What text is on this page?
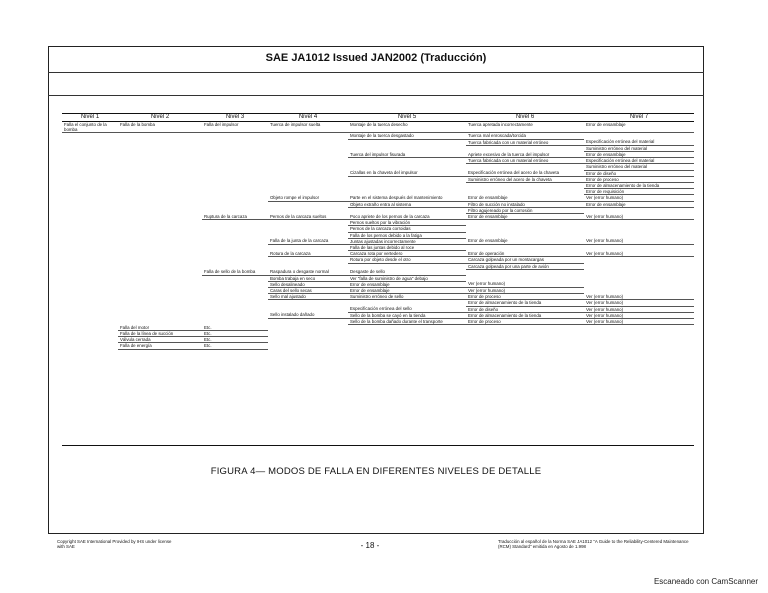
SAE JA1012 Issued JAN2002 (Traducción)
Nivel 1	Nivel 2	Nivel 3	Nivel 4	Nivel 5	Nivel 6	Nivel 7
Falla el conjunto de la bomba	Falla de la bomba	Falla del impulsor	Tuerca de impulsor suelta	Montaje de la tuerca desecho	Tuerca apretada incorrectamente	Error de ensamblaje
				Montaje de la tuerca desgastado	Tuerca mal enroscada/torcida	
					Tuerca fabricada con un material erróneo	Especificación errónea del material
						Suministro erróneo del material
				Tuerca del impulsor fisurada	Apriete excesivo de la tuerca del impulsor	Error de ensamblaje
					Tuerca fabricada con un material erróneo	Especificación errónea del material
						Suministro erróneo del material
				Cizallas en la chaveta del impulsor	Especificación errónea del acero de la chaveta	Error de diseño
					Suministro erróneo del acero de la chaveta	Error de proceso
						Error de almacenamiento de la tienda
						Error de requisición
			Objeto rompe el impulsor	Parte en el sistema después del mantenimiento	Error de ensamblaje	Ver (error humano)
				Objeto extraño entra al sistema	Filtro de succión no instalado	Error de ensamblaje
					Filtro agujereado por la corrosión	
		Ruptura de la carcaza	Pernos de la carcaza sueltos	Poco apriete de los pernos de la carcaza	Error de ensamblaje	Ver (error humano)
				Pernos sueltos por la vibración		
				Pernos de la carcaza corroidas		
				Falla de los pernos debido a la fatiga		
			Falla de la junta de la carcaza	Juntas ajustadas incorrectamente	Error de ensamblaje	Ver (error humano)
				Falla de las juntas debido al roce		
			Rotura de la carcaza	Carcaza rota por vertedero	Error de operación	Ver (error humano)
				Rotura por objeto desde el otro	Carcaza golpeada por un montacargas	
					Carcaza golpeada por una parte de avión	
		Falla de sello de la bomba	Raspadura o desgaste normal	Desgaste de sello		
			Bomba trabaja en seco	Ver "falla de suministro de agua" debajo		
			Sello desalineado	Error de ensamblaje	Ver (error humano)	
			Caras del sello secas	Error de ensamblaje	Ver (error humano)	
			Sello mal ajustado	Suministro erróneo de sello	Error de proceso	Ver (error humano)
					Error de almacenamiento de la tienda	Ver (error humano)
				Especificación errónea del sello	Error de diseño	Ver (error humano)
			Sello instalado dañado	Sello de la bomba se cayó en la tienda	Error de almacenamiento de la tienda	Ver (error humano)
				Sello de la bomba dañado durante el transporte	Error de proceso	Ver (error humano)
	Falla del motor	Etc.				
	Falla de la línea de succión	Etc.				
	Válvula cerrada	Etc.				
	Falla de energía	Etc.				
FIGURA 4— MODOS DE FALLA EN DIFERENTES NIVELES DE DETALLE
Copyright SAE International Provided by IHS under license with SAE	- 18 -	Traducción al español de la Norma SAE JA1012 "A Guide to the Reliability-Centered Maintenance (RCM) Standard" emitida en Agosto de 1.998
Escaneado con CamScanner
